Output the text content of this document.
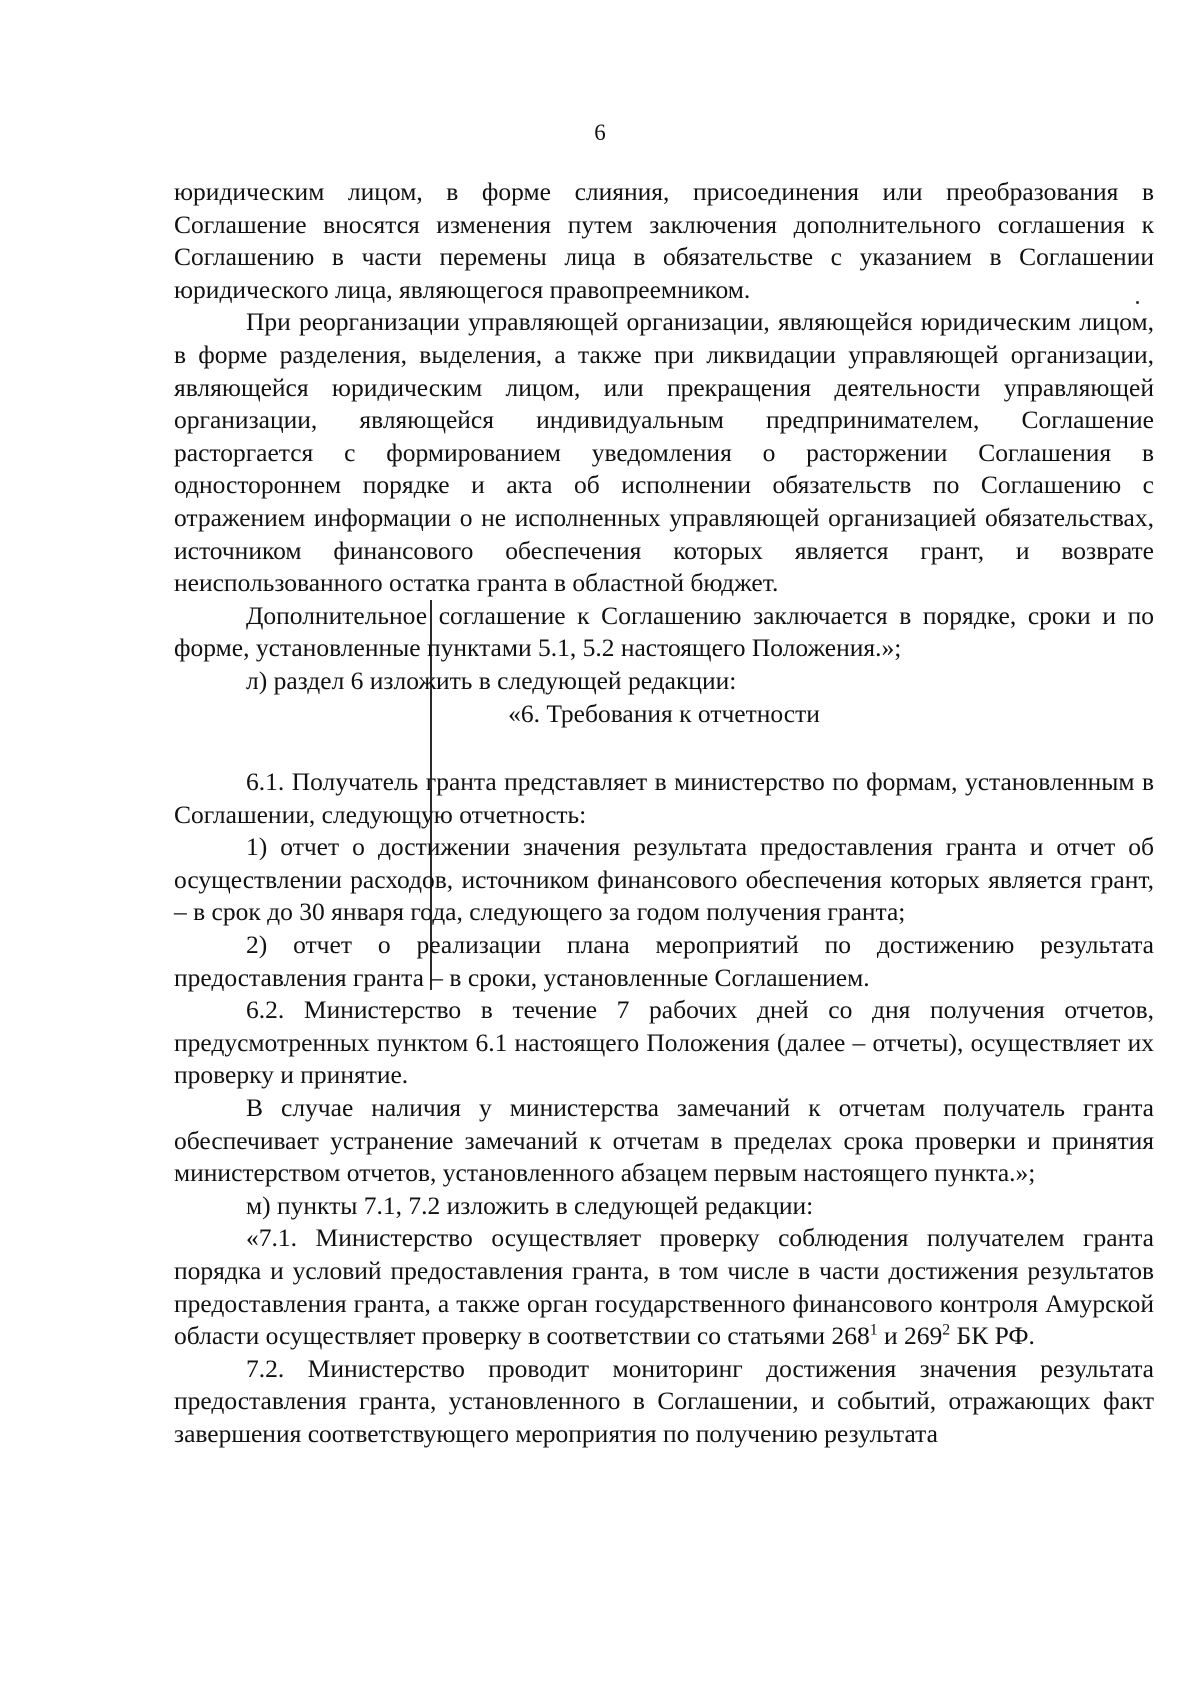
6

юридическим лицом, в форме слияния, присоединения или преобразования в Соглашение вносятся изменения путем заключения дополнительного соглашения к Соглашению в части перемены лица в обязательстве с указанием в Соглашении юридического лица, являющегося правопреемником.

При реорганизации управляющей организации, являющейся юридическим лицом, в форме разделения, выделения, а также при ликвидации управляющей организации, являющейся юридическим лицом, или прекращения деятельности управляющей организации, являющейся индивидуальным предпринимателем, Соглашение расторгается с формированием уведомления о расторжении Соглашения в одностороннем порядке и акта об исполнении обязательств по Соглашению с отражением информации о не исполненных управляющей организацией обязательствах, источником финансового обеспечения которых является грант, и возврате неиспользованного остатка гранта в областной бюджет.

Дополнительное соглашение к Соглашению заключается в порядке, сроки и по форме, установленные пунктами 5.1, 5.2 настоящего Положения.»;

л) раздел 6 изложить в следующей редакции:

«6. Требования к отчетности

6.1. Получатель гранта представляет в министерство по формам, установленным в Соглашении, следующую отчетность:

1) отчет о достижении значения результата предоставления гранта и отчет об осуществлении расходов, источником финансового обеспечения которых является грант, – в срок до 30 января года, следующего за годом получения гранта;

2) отчет о реализации плана мероприятий по достижению результата предоставления гранта – в сроки, установленные Соглашением.

6.2. Министерство в течение 7 рабочих дней со дня получения отчетов, предусмотренных пунктом 6.1 настоящего Положения (далее – отчеты), осуществляет их проверку и принятие.

В случае наличия у министерства замечаний к отчетам получатель гранта обеспечивает устранение замечаний к отчетам в пределах срока проверки и принятия министерством отчетов, установленного абзацем первым настоящего пункта.»;

м) пункты 7.1, 7.2 изложить в следующей редакции:

«7.1. Министерство осуществляет проверку соблюдения получателем гранта порядка и условий предоставления гранта, в том числе в части достижения результатов предоставления гранта, а также орган государственного финансового контроля Амурской области осуществляет проверку в соответствии со статьями $268^1$ и $269^2$ БК РФ.

7.2. Министерство проводит мониторинг достижения значения результата предоставления гранта, установленного в Соглашении, и событий, отражающих факт завершения соответствующего мероприятия по получению результата
